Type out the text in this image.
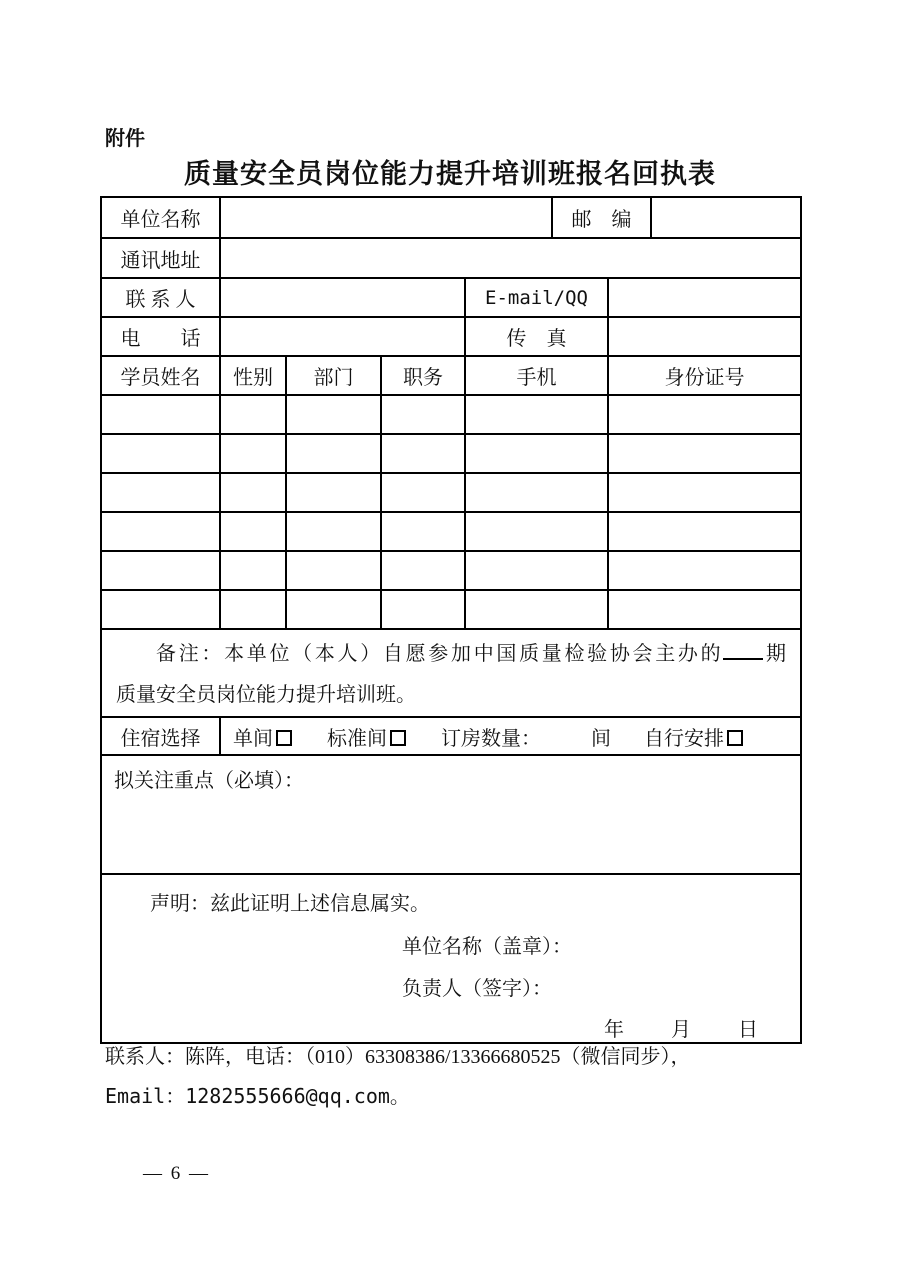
附件
质量安全员岗位能力提升培训班报名回执表
单位名称					邮　编		
通讯地址							
联 系 人				E-mail/QQ			
电　　话				传　真			
学员姓名	性别	部门	职务	手机		身份证号	

备注：本单位（本人）自愿参加中国质量检验协会主办的 期
质量安全员岗位能力提升培训班。							

住宿选择	单间 标准间 订房数量： 间 自行安排						

拟关注重点（必填）：							

声明：兹此证明上述信息属实。
单位名称（盖章）：
负责人（签字）：
年 月 日							
联系人：陈阵，电话：（010）63308386/13366680525（微信同步），
Email：1282555666@qq.com。
— 6 —
